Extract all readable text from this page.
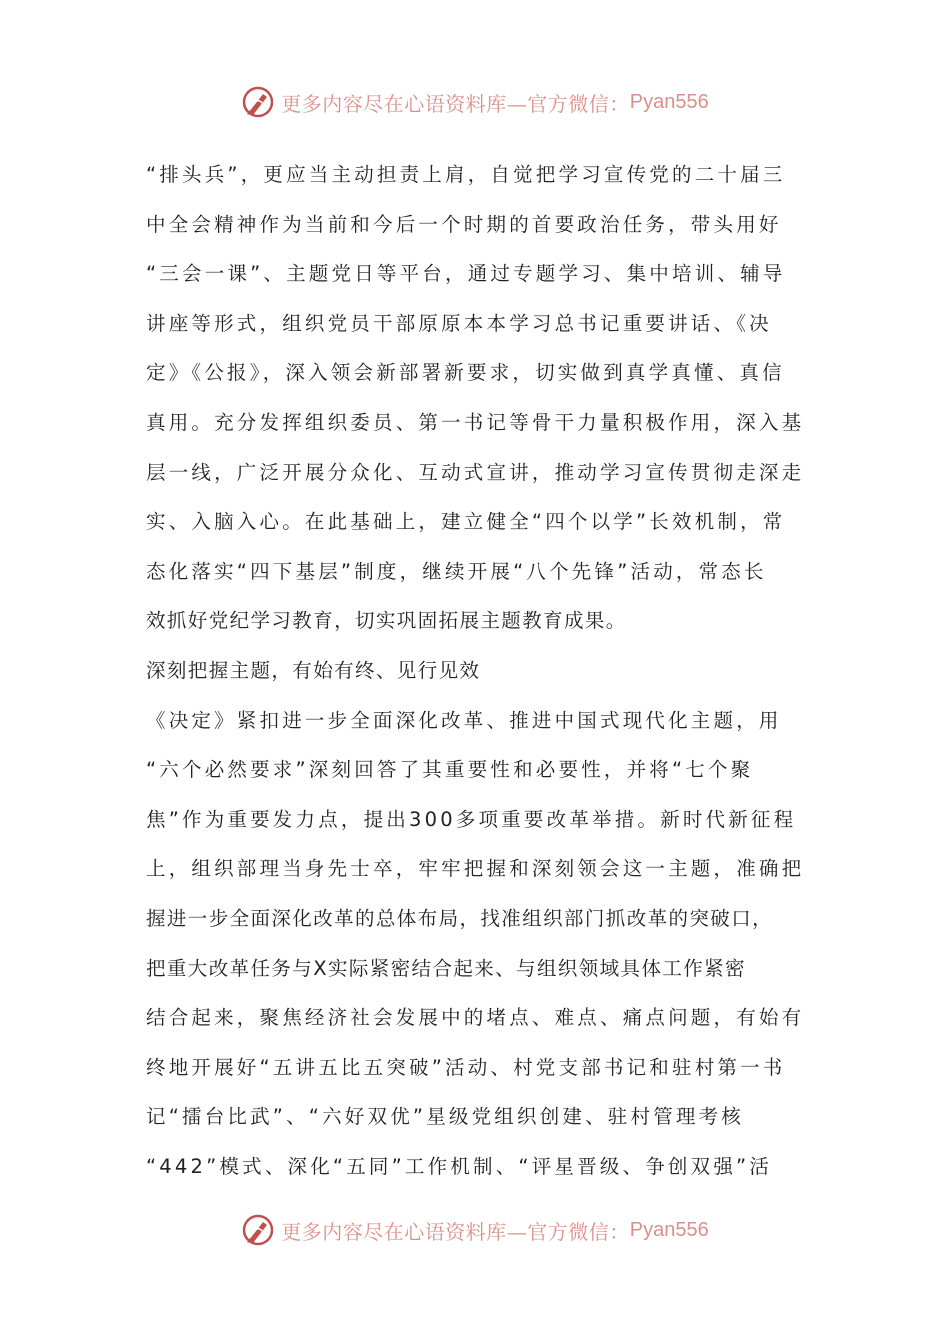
更多内容尽在心语资料库—官方微信： Pyan556
“排头兵”，更应当主动担责上肩，自觉把学习宣传党的二十届三
中全会精神作为当前和今后一个时期的首要政治任务，带头用好
“三会一课”、主题党日等平台，通过专题学习、集中培训、辅导
讲座等形式，组织党员干部原原本本学习总书记重要讲话、《决
定》《公报》，深入领会新部署新要求，切实做到真学真懂、真信
真用。充分发挥组织委员、第一书记等骨干力量积极作用，深入基
层一线，广泛开展分众化、互动式宣讲，推动学习宣传贯彻走深走
实、入脑入心。在此基础上，建立健全“四个以学”长效机制，常
态化落实“四下基层”制度，继续开展“八个先锋”活动，常态长
效抓好党纪学习教育，切实巩固拓展主题教育成果。
深刻把握主题，有始有终、见行见效
《决定》紧扣进一步全面深化改革、推进中国式现代化主题，用
“六个必然要求”深刻回答了其重要性和必要性，并将“七个聚
焦”作为重要发力点，提出300多项重要改革举措。新时代新征程
上，组织部理当身先士卒，牢牢把握和深刻领会这一主题，准确把
握进一步全面深化改革的总体布局，找准组织部门抓改革的突破口，
把重大改革任务与X实际紧密结合起来、与组织领域具体工作紧密
结合起来，聚焦经济社会发展中的堵点、难点、痛点问题，有始有
终地开展好“五讲五比五突破”活动、村党支部书记和驻村第一书
记“擂台比武”、“六好双优”星级党组织创建、驻村管理考核
“442”模式、深化“五同”工作机制、“评星晋级、争创双强”活
更多内容尽在心语资料库—官方微信： Pyan556
